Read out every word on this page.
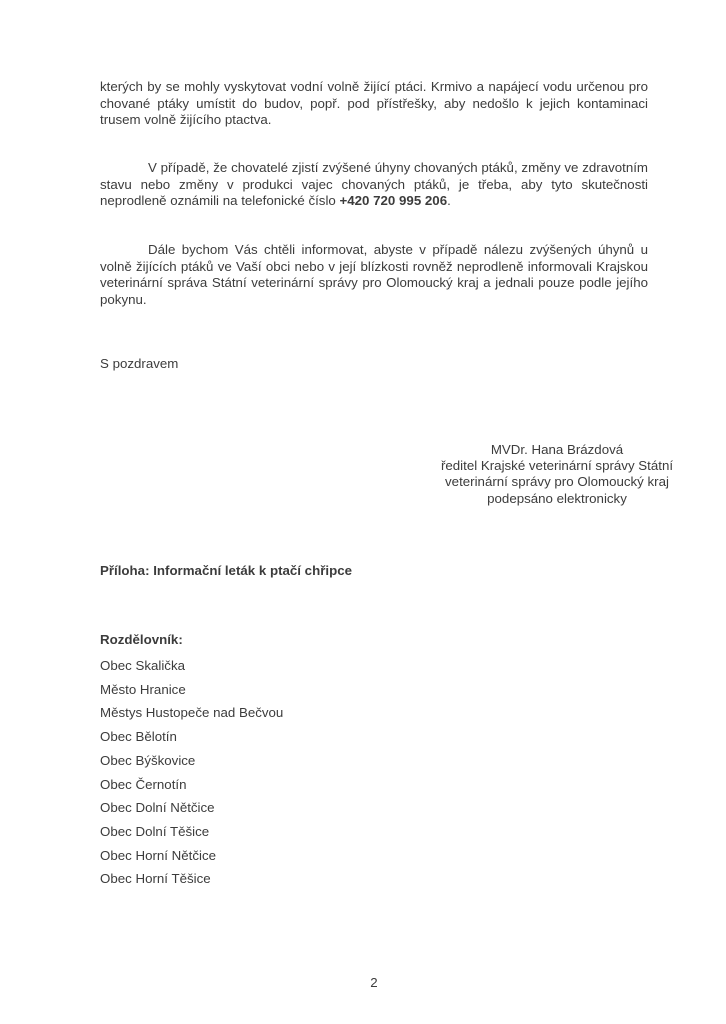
kterých by se mohly vyskytovat vodní volně žijící ptáci. Krmivo a napájecí vodu určenou pro chované ptáky umístit do budov, popř. pod přístřešky, aby nedošlo k jejich kontaminaci trusem volně žijícího ptactva.

V případě, že chovatelé zjistí zvýšené úhyny chovaných ptáků, změny ve zdravotním stavu nebo změny v produkci vajec chovaných ptáků, je třeba, aby tyto skutečnosti neprodleně oznámili na telefonické číslo +420 720 995 206.

Dále bychom Vás chtěli informovat, abyste v případě nálezu zvýšených úhynů u volně žijících ptáků ve Vaší obci nebo v její blízkosti rovněž neprodleně informovali Krajskou veterinární správa Státní veterinární správy pro Olomoucký kraj a jednali pouze podle jejího pokynu.

S pozdravem

MVDr. Hana Brázdová
ředitel Krajské veterinární správy Státní
veterinární správy pro Olomoucký kraj
podepsáno elektronicky

Příloha: Informační leták k ptačí chřipce

Rozdělovník:
Obec Skalička
Město Hranice
Městys Hustopeče nad Bečvou
Obec Bělotín
Obec Býškovice
Obec Černotín
Obec Dolní Nětčice
Obec Dolní Těšice
Obec Horní Nětčice
Obec Horní Těšice
2
